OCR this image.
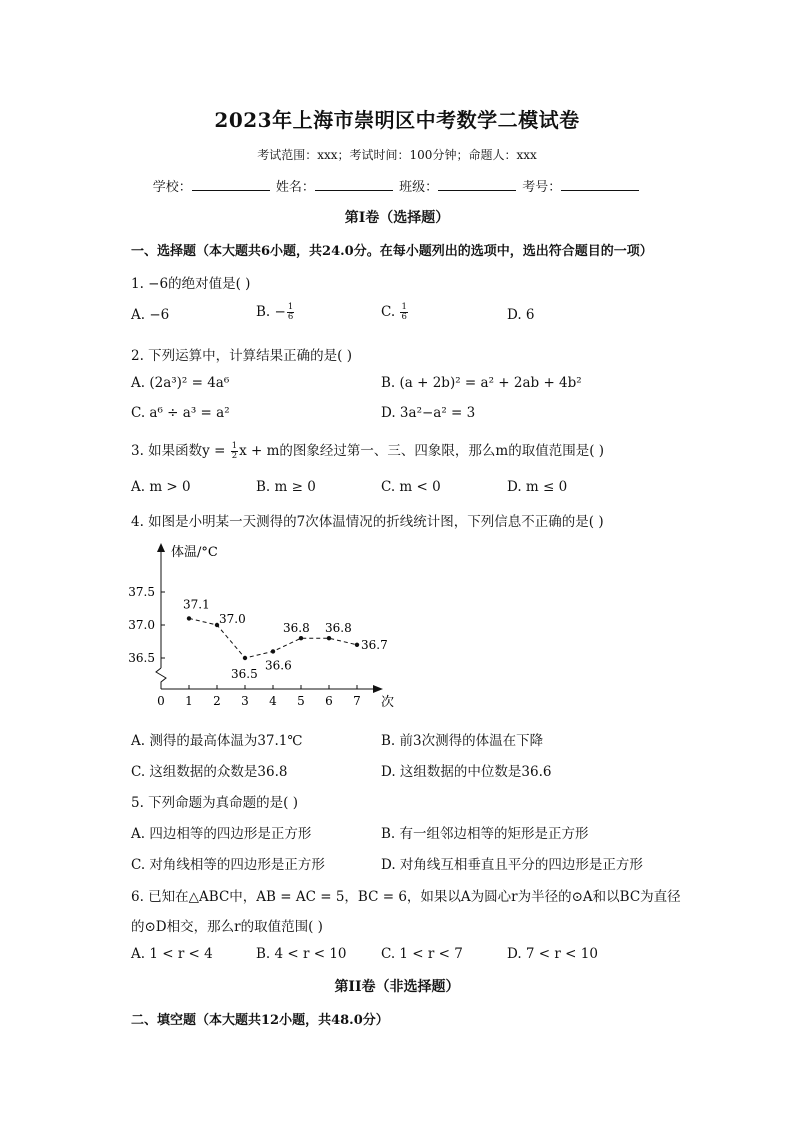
2023年上海市崇明区中考数学二模试卷
考试范围：xxx；考试时间：100分钟；命题人：xxx
学校：	姓名：	班级：	考号：
第I卷（选择题）
一、选择题（本大题共6小题，共24.0分。在每小题列出的选项中，选出符合题目的一项）
1. −6的绝对值是( )
A. −6	B. − $\frac{1}{6}$	C. $\frac{1}{6}$	D. 6
2. 下列运算中，计算结果正确的是( )
A. (2a³)² = 4a⁶	B. (a + 2b)² = a² + 2ab + 4b²
C. a⁶ ÷ a³ = a²	D. 3a²−a² = 3
3. 如果函数$y = \frac{1}{2}$ x + m的图象经过第一、三、四象限，那么m的取值范围是( )
A. m > 0	B. m ≥ 0	C. m < 0	D. m ≤ 0
4. 如图是小明某一天测得的7次体温情况的折线统计图，下列信息不正确的是( )
体温/°C
次
36.5
37.0
37.5
0 1 2 3 4 5 6 7
37.1
37.0
36.5
36.6
36.8 36.8
36.7
A. 测得的最高体温为37.1℃	B. 前3次测得的体温在下降
C. 这组数据的众数是36.8	D. 这组数据的中位数是36.6
5. 下列命题为真命题的是( )
A. 四边相等的四边形是正方形	B. 有一组邻边相等的矩形是正方形
C. 对角线相等的四边形是正方形	D. 对角线互相垂直且平分的四边形是正方形
6. 已知在△ABC中，AB = AC = 5，BC = 6，如果以A为圆心r为半径的⊙A和以BC为直径
的⊙D相交，那么r的取值范围( )
A. 1 < r < 4	B. 4 < r < 10	C. 1 < r < 7	D. 7 < r < 10
第II卷（非选择题）
二、填空题（本大题共12小题，共48.0分）
